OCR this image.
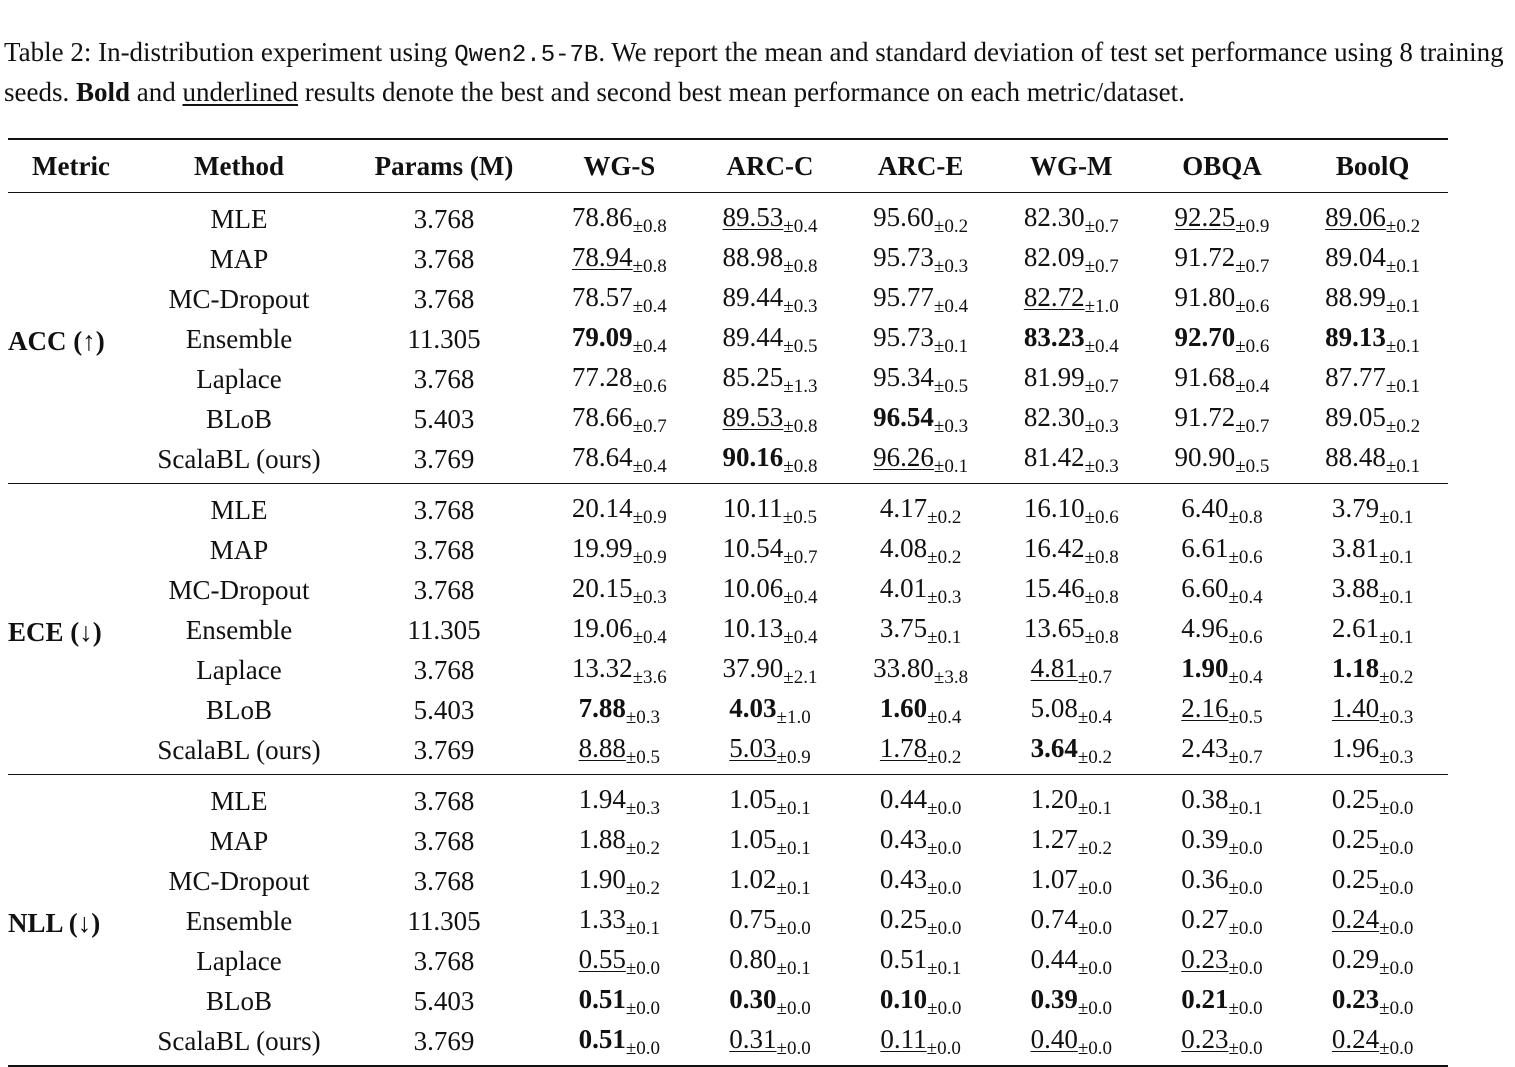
Table 2: In-distribution experiment using Qwen2.5-7B. We report the mean and standard deviation of test set performance using 8 training seeds. Bold and underlined results denote the best and second best mean performance on each metric/dataset.
Metric	Method	Params (M)	WG-S	ARC-C	ARC-E	WG-M	OBQA	BoolQ
ACC (↑)	MLE	3.768	$78.86_{\pm 0.8}$	$89.53_{\pm 0.4}$	$95.60_{\pm 0.2}$	$82.30_{\pm 0.7}$	$92.25_{\pm 0.9}$	$89.06_{\pm 0.2}$
	MAP	3.768	$78.94_{\pm 0.8}$	$88.98_{\pm 0.8}$	$95.73_{\pm 0.3}$	$82.09_{\pm 0.7}$	$91.72_{\pm 0.7}$	$89.04_{\pm 0.1}$
	MC-Dropout	3.768	$78.57_{\pm 0.4}$	$89.44_{\pm 0.3}$	$95.77_{\pm 0.4}$	$82.72_{\pm 1.0}$	$91.80_{\pm 0.6}$	$88.99_{\pm 0.1}$
	Ensemble	11.305	$79.09_{\pm 0.4}$	$89.44_{\pm 0.5}$	$95.73_{\pm 0.1}$	$83.23_{\pm 0.4}$	$92.70_{\pm 0.6}$	$89.13_{\pm 0.1}$
	Laplace	3.768	$77.28_{\pm 0.6}$	$85.25_{\pm 1.3}$	$95.34_{\pm 0.5}$	$81.99_{\pm 0.7}$	$91.68_{\pm 0.4}$	$87.77_{\pm 0.1}$
	BLoB	5.403	$78.66_{\pm 0.7}$	$89.53_{\pm 0.8}$	$96.54_{\pm 0.3}$	$82.30_{\pm 0.3}$	$91.72_{\pm 0.7}$	$89.05_{\pm 0.2}$
	ScalaBL (ours)	3.769	$78.64_{\pm 0.4}$	$90.16_{\pm 0.8}$	$96.26_{\pm 0.1}$	$81.42_{\pm 0.3}$	$90.90_{\pm 0.5}$	$88.48_{\pm 0.1}$
ECE (↓)	MLE	3.768	$20.14_{\pm 0.9}$	$10.11_{\pm 0.5}$	$4.17_{\pm 0.2}$	$16.10_{\pm 0.6}$	$6.40_{\pm 0.8}$	$3.79_{\pm 0.1}$
	MAP	3.768	$19.99_{\pm 0.9}$	$10.54_{\pm 0.7}$	$4.08_{\pm 0.2}$	$16.42_{\pm 0.8}$	$6.61_{\pm 0.6}$	$3.81_{\pm 0.1}$
	MC-Dropout	3.768	$20.15_{\pm 0.3}$	$10.06_{\pm 0.4}$	$4.01_{\pm 0.3}$	$15.46_{\pm 0.8}$	$6.60_{\pm 0.4}$	$3.88_{\pm 0.1}$
	Ensemble	11.305	$19.06_{\pm 0.4}$	$10.13_{\pm 0.4}$	$3.75_{\pm 0.1}$	$13.65_{\pm 0.8}$	$4.96_{\pm 0.6}$	$2.61_{\pm 0.1}$
	Laplace	3.768	$13.32_{\pm 3.6}$	$37.90_{\pm 2.1}$	$33.80_{\pm 3.8}$	$4.81_{\pm 0.7}$	$1.90_{\pm 0.4}$	$1.18_{\pm 0.2}$
	BLoB	5.403	$7.88_{\pm 0.3}$	$4.03_{\pm 1.0}$	$1.60_{\pm 0.4}$	$5.08_{\pm 0.4}$	$2.16_{\pm 0.5}$	$1.40_{\pm 0.3}$
	ScalaBL (ours)	3.769	$8.88_{\pm 0.5}$	$5.03_{\pm 0.9}$	$1.78_{\pm 0.2}$	$3.64_{\pm 0.2}$	$2.43_{\pm 0.7}$	$1.96_{\pm 0.3}$
NLL (↓)	MLE	3.768	$1.94_{\pm 0.3}$	$1.05_{\pm 0.1}$	$0.44_{\pm 0.0}$	$1.20_{\pm 0.1}$	$0.38_{\pm 0.1}$	$0.25_{\pm 0.0}$
	MAP	3.768	$1.88_{\pm 0.2}$	$1.05_{\pm 0.1}$	$0.43_{\pm 0.0}$	$1.27_{\pm 0.2}$	$0.39_{\pm 0.0}$	$0.25_{\pm 0.0}$
	MC-Dropout	3.768	$1.90_{\pm 0.2}$	$1.02_{\pm 0.1}$	$0.43_{\pm 0.0}$	$1.07_{\pm 0.0}$	$0.36_{\pm 0.0}$	$0.25_{\pm 0.0}$
	Ensemble	11.305	$1.33_{\pm 0.1}$	$0.75_{\pm 0.0}$	$0.25_{\pm 0.0}$	$0.74_{\pm 0.0}$	$0.27_{\pm 0.0}$	$0.24_{\pm 0.0}$
	Laplace	3.768	$0.55_{\pm 0.0}$	$0.80_{\pm 0.1}$	$0.51_{\pm 0.1}$	$0.44_{\pm 0.0}$	$0.23_{\pm 0.0}$	$0.29_{\pm 0.0}$
	BLoB	5.403	$0.51_{\pm 0.0}$	$0.30_{\pm 0.0}$	$0.10_{\pm 0.0}$	$0.39_{\pm 0.0}$	$0.21_{\pm 0.0}$	$0.23_{\pm 0.0}$
	ScalaBL (ours)	3.769	$0.51_{\pm 0.0}$	$0.31_{\pm 0.0}$	$0.11_{\pm 0.0}$	$0.40_{\pm 0.0}$	$0.23_{\pm 0.0}$	$0.24_{\pm 0.0}$
